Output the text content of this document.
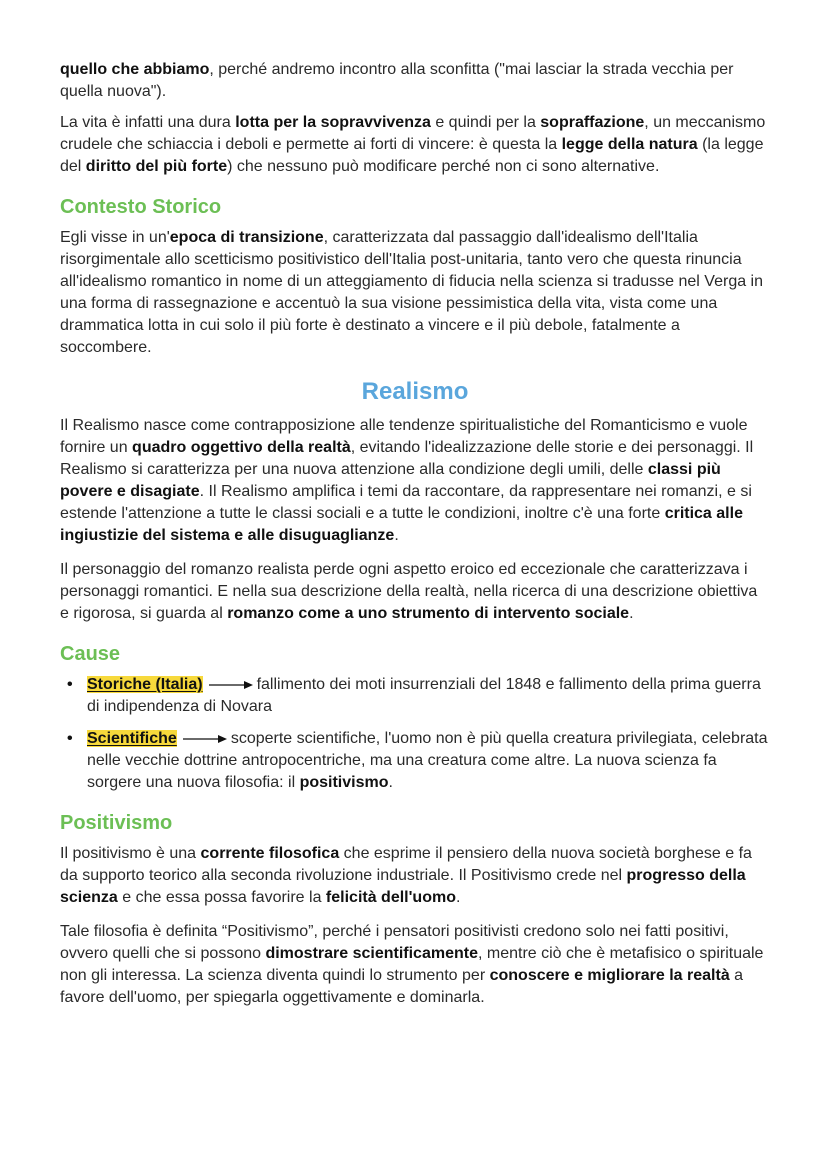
quello che abbiamo, perché andremo incontro alla sconfitta ("mai lasciar la strada vecchia per quella nuova").

La vita è infatti una dura lotta per la sopravvivenza e quindi per la sopraffazione, un meccanismo crudele che schiaccia i deboli e permette ai forti di vincere: è questa la legge della natura (la legge del diritto del più forte) che nessuno può modificare perché non ci sono alternative.

Contesto Storico

Egli visse in un'epoca di transizione, caratterizzata dal passaggio dall'idealismo dell'Italia risorgimentale allo scetticismo positivistico dell'Italia post-unitaria, tanto vero che questa rinuncia all'idealismo romantico in nome di un atteggiamento di fiducia nella scienza si tradusse nel Verga in una forma di rassegnazione e accentuò la sua visione pessimistica della vita, vista come una drammatica lotta in cui solo il più forte è destinato a vincere e il più debole, fatalmente a soccombere.

Realismo

Il Realismo nasce come contrapposizione alle tendenze spiritualistiche del Romanticismo e vuole fornire un quadro oggettivo della realtà, evitando l'idealizzazione delle storie e dei personaggi. Il Realismo si caratterizza per una nuova attenzione alla condizione degli umili, delle classi più povere e disagiate. Il Realismo amplifica i temi da raccontare, da rappresentare nei romanzi, e si estende l'attenzione a tutte le classi sociali e a tutte le condizioni, inoltre c'è una forte critica alle ingiustizie del sistema e alle disuguaglianze.

Il personaggio del romanzo realista perde ogni aspetto eroico ed eccezionale che caratterizzava i personaggi romantici. E nella sua descrizione della realtà, nella ricerca di una descrizione obiettiva e rigorosa, si guarda al romanzo come a uno strumento di intervento sociale.

Cause
• Storiche (Italia)	fallimento dei moti insurrenziali del 1848 e fallimento della prima guerra di indipendenza di Novara
• Scientifiche	scoperte scientifiche, l'uomo non è più quella creatura privilegiata, celebrata nelle vecchie dottrine antropocentriche, ma una creatura come altre. La nuova scienza fa sorgere una nuova filosofia: il positivismo.
Positivismo

Il positivismo è una corrente filosofica che esprime il pensiero della nuova società borghese e fa da supporto teorico alla seconda rivoluzione industriale. Il Positivismo crede nel progresso della scienza e che essa possa favorire la felicità dell'uomo.

Tale filosofia è definita “Positivismo”, perché i pensatori positivisti credono solo nei fatti positivi, ovvero quelli che si possono dimostrare scientificamente, mentre ciò che è metafisico o spirituale non gli interessa. La scienza diventa quindi lo strumento per conoscere e migliorare la realtà a favore dell'uomo, per spiegarla oggettivamente e dominarla.
